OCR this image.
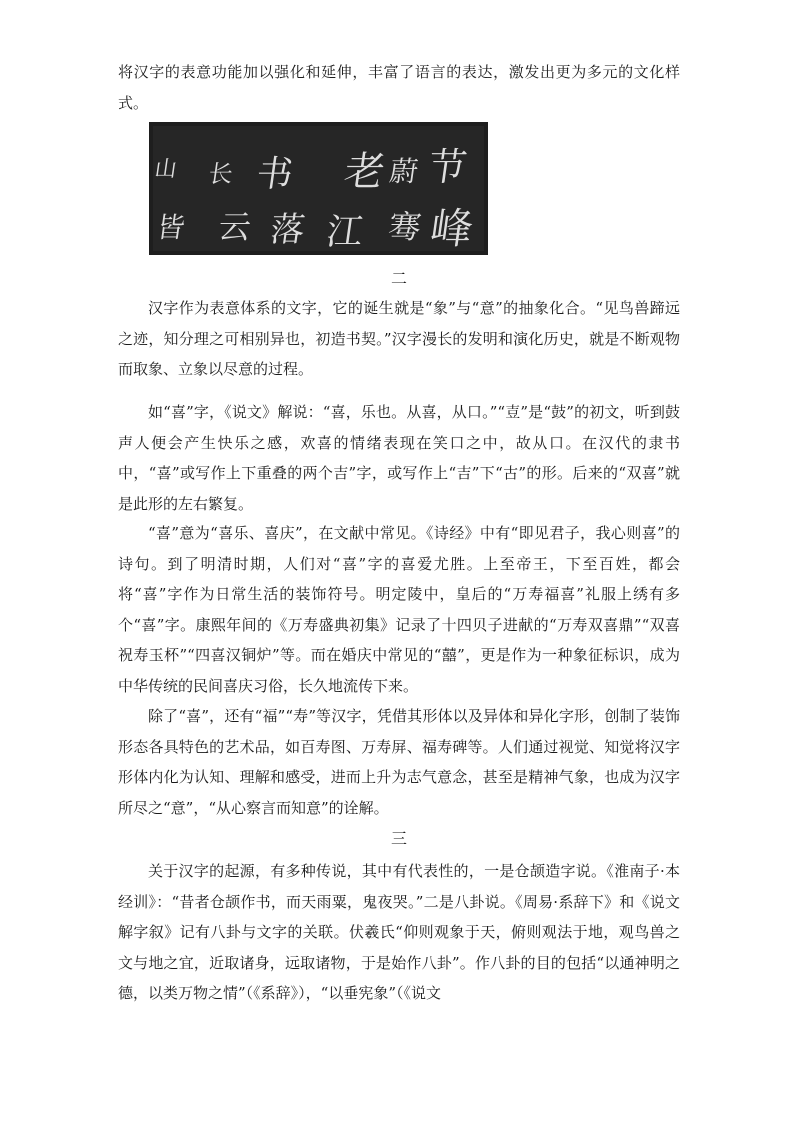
将汉字的表意功能加以强化和延伸，丰富了语言的表达，激发出更为多元的文化样式。

节
蔚
老
书
长
山
峰
骞
江
落
云
皆

二

汉字作为表意体系的文字，它的诞生就是“象”与“意”的抽象化合。“见鸟兽蹄远之迹，知分理之可相别异也，初造书契。”汉字漫长的发明和演化历史，就是不断观物而取象、立象以尽意的过程。

如“喜”字，《说文》解说：“喜，乐也。从喜，从口。”“壴”是“鼓”的初文，听到鼓声人便会产生快乐之感，欢喜的情绪表现在笑口之中，故从口。在汉代的隶书中，“喜”或写作上下重叠的两个吉”字，或写作上“吉”下“古”的形。后来的“双喜”就是此形的左右繁复。

“喜”意为“喜乐、喜庆”，在文献中常见。《诗经》中有“即见君子，我心则喜”的诗句。到了明清时期，人们对“喜”字的喜爱尤胜。上至帝王，下至百姓，都会将“喜”字作为日常生活的装饰符号。明定陵中，皇后的“万寿福喜”礼服上绣有多个“喜”字。康熙年间的《万寿盛典初集》记录了十四贝子进献的“万寿双喜鼎”“双喜祝寿玉杯”“四喜汉铜炉”等。而在婚庆中常见的“囍”，更是作为一种象征标识，成为中华传统的民间喜庆习俗，长久地流传下来。

除了“喜”，还有“福”“寿”等汉字，凭借其形体以及异体和异化字形，创制了装饰形态各具特色的艺术品，如百寿图、万寿屏、福寿碑等。人们通过视觉、知觉将汉字形体内化为认知、理解和感受，进而上升为志气意念，甚至是精神气象，也成为汉字所尽之“意”，“从心察言而知意”的诠解。

三

关于汉字的起源，有多种传说，其中有代表性的，一是仓颉造字说。《淮南子·本经训》：“昔者仓颉作书，而天雨粟，鬼夜哭。”二是八卦说。《周易·系辞下》和《说文解字叙》记有八卦与文字的关联。伏羲氏“仰则观象于天，俯则观法于地，观鸟兽之文与地之宜，近取诸身，远取诸物，于是始作八卦”。作八卦的目的包括“以通神明之德，以类万物之情”（《系辞》），“以垂宪象”（《说文
